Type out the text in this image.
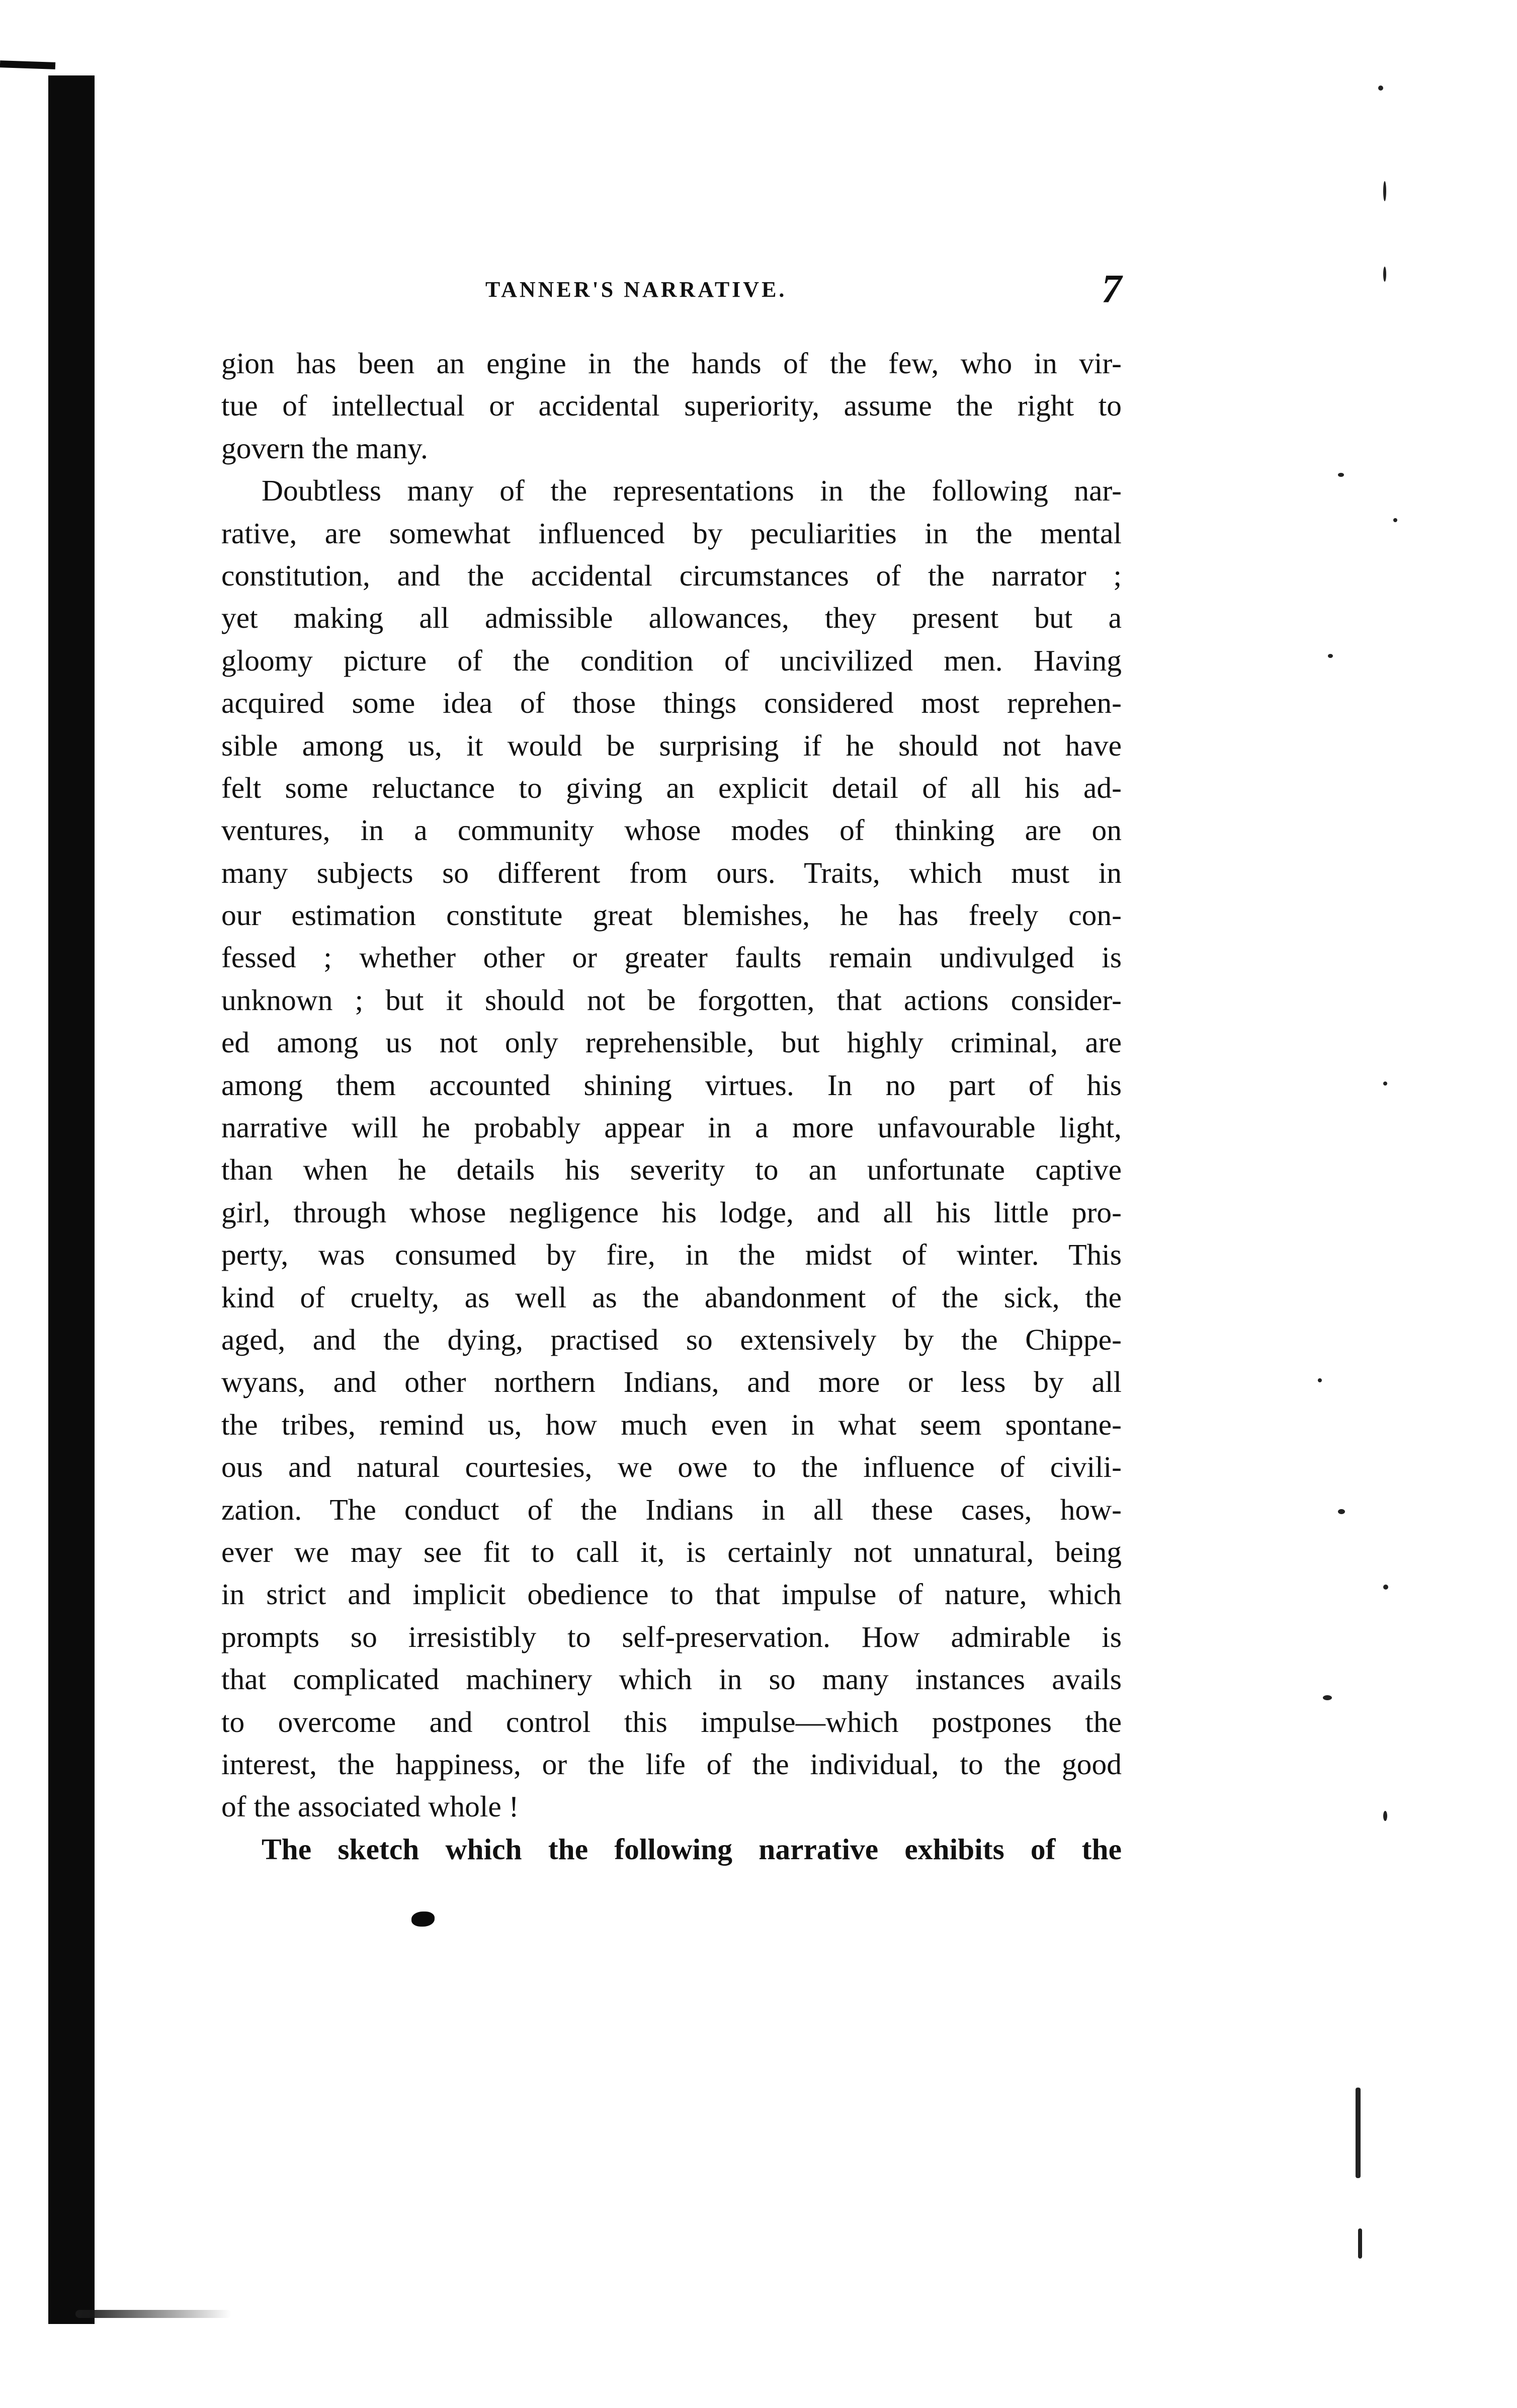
TANNER'S NARRATIVE.	7
gion has been an engine in the hands of the few, who in vir-
tue of intellectual or accidental superiority, assume the right to
govern the many.
Doubtless many of the representations in the following nar-
rative, are somewhat influenced by peculiarities in the mental
constitution, and the accidental circumstances of the narrator ;
yet making all admissible allowances, they present but a
gloomy picture of the condition of uncivilized men. Having
acquired some idea of those things considered most reprehen-
sible among us, it would be surprising if he should not have
felt some reluctance to giving an explicit detail of all his ad-
ventures, in a community whose modes of thinking are on
many subjects so different from ours. Traits, which must in
our estimation constitute great blemishes, he has freely con-
fessed ; whether other or greater faults remain undivulged is
unknown ; but it should not be forgotten, that actions consider-
ed among us not only reprehensible, but highly criminal, are
among them accounted shining virtues. In no part of his
narrative will he probably appear in a more unfavourable light,
than when he details his severity to an unfortunate captive
girl, through whose negligence his lodge, and all his little pro-
perty, was consumed by fire, in the midst of winter. This
kind of cruelty, as well as the abandonment of the sick, the
aged, and the dying, practised so extensively by the Chippe-
wyans, and other northern Indians, and more or less by all
the tribes, remind us, how much even in what seem spontane-
ous and natural courtesies, we owe to the influence of civili-
zation. The conduct of the Indians in all these cases, how-
ever we may see fit to call it, is certainly not unnatural, being
in strict and implicit obedience to that impulse of nature, which
prompts so irresistibly to self-preservation. How admirable is
that complicated machinery which in so many instances avails
to overcome and control this impulse—which postpones the
interest, the happiness, or the life of the individual, to the good
of the associated whole !
The sketch which the following narrative exhibits of the
